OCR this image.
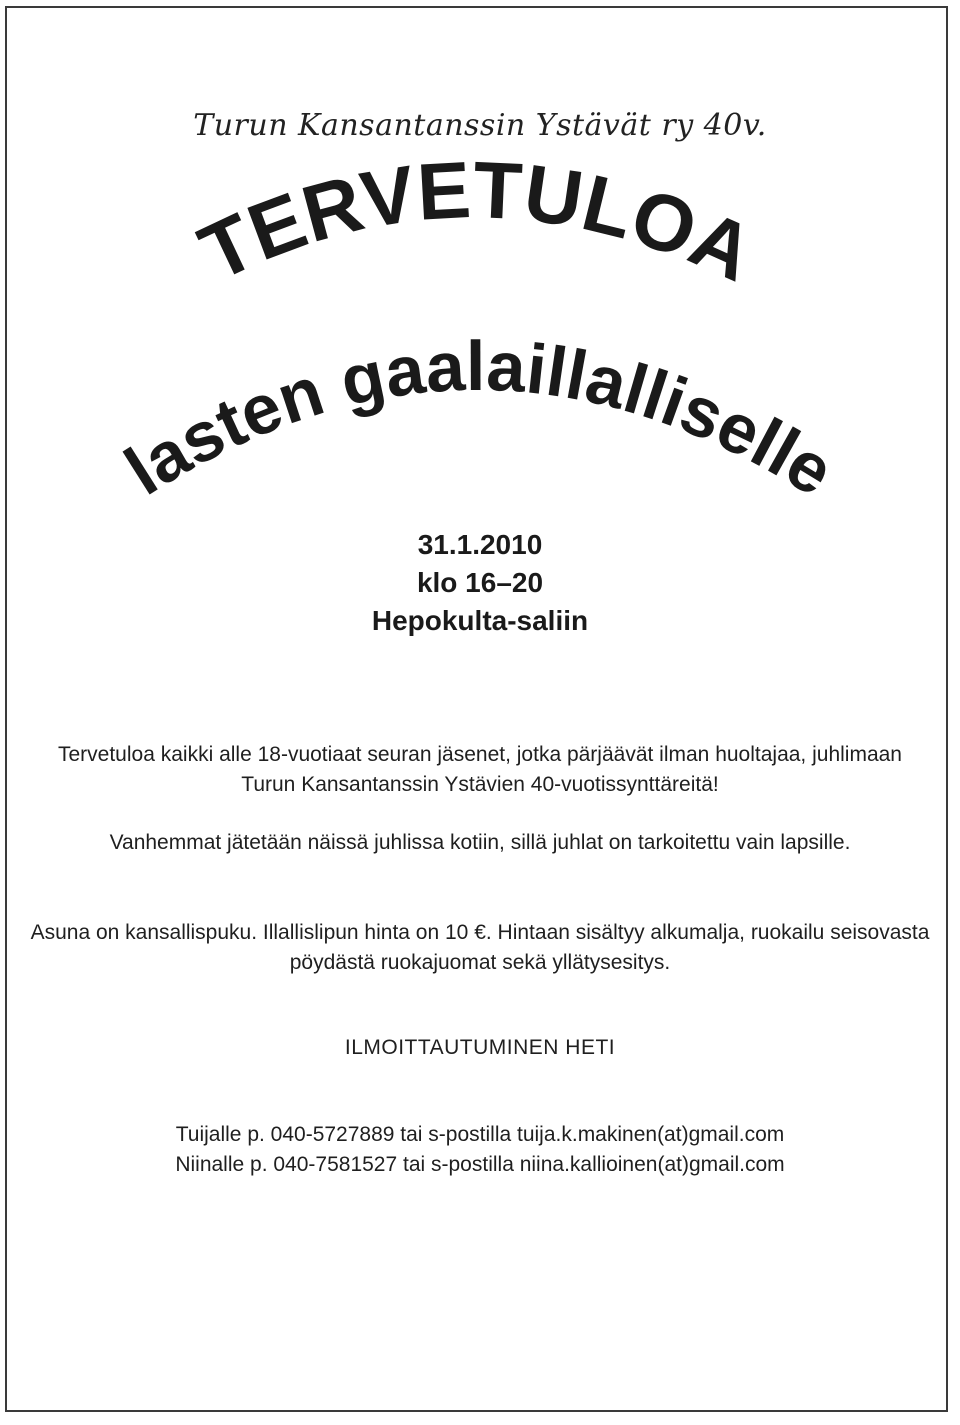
Turun Kansantanssin Ystävät ry 40v.
TERVETULOA
lasten gaalaillalliselle
31.1.2010
klo 16–20
Hepokulta-saliin
Tervetuloa kaikki alle 18-vuotiaat seuran jäsenet, jotka pärjäävät ilman huoltajaa, juhlimaan Turun Kansantanssin Ystävien 40-vuotissynttäreitä!
Vanhemmat jätetään näissä juhlissa kotiin, sillä juhlat on tarkoitettu vain lapsille.
Asuna on kansallispuku. Illallislipun hinta on 10 €. Hintaan sisältyy alkumalja, ruokailu seisovasta pöydästä ruokajuomat sekä yllätysesitys.
ILMOITTAUTUMINEN HETI
Tuijalle p. 040-5727889 tai s-postilla tuija.k.makinen(at)gmail.com
Niinalle p. 040-7581527 tai s-postilla niina.kallioinen(at)gmail.com
